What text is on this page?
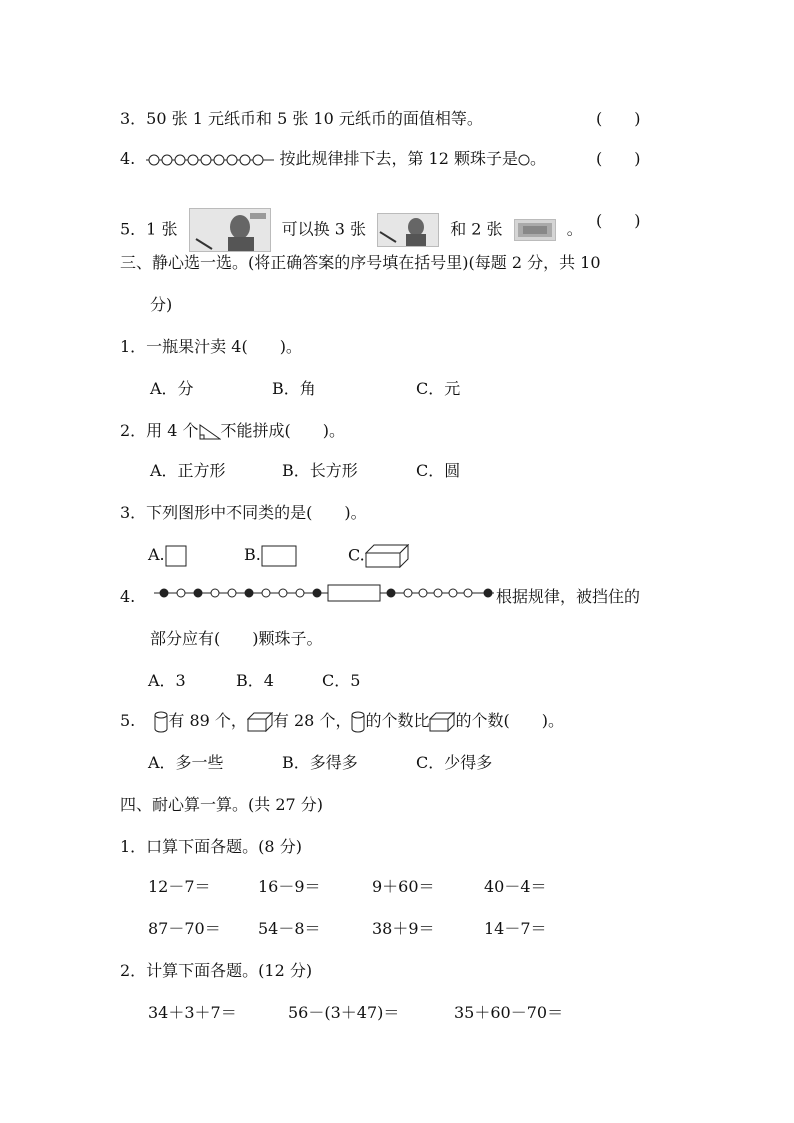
3．50 张 1 元纸币和 5 张 10 元纸币的面值相等。	(　　)
4.	按此规律排下去，第 12 颗珠子是 。	(　　)
5．1 张	可以换 3 张	和 2 张	。 (　　)
三、静心选一选。(将正确答案的序号填在括号里)(每题 2 分，共 10
分)
1．一瓶果汁卖 4(　　)。
A．分	B．角	C．元
2．用 4 个 不能拼成(　　)。
A．正方形	B．长方形	C．圆
3．下列图形中不同类的是(　　)。
A.	B.	C.
4.	根据规律，被挡住的
部分应有(　　)颗珠子。
A．3	B．4	C．5
5. 有 89 个， 有 28 个， 的个数比 的个数(　　)。
A．多一些	B．多得多	C．少得多
四、耐心算一算。(共 27 分)
1．口算下面各题。(8 分)
12－7＝	16－9＝	9＋60＝	40－4＝
87－70＝ 54－8＝	38＋9＝	14－7＝
2．计算下面各题。(12 分)
34＋3＋7＝	56－(3＋47)＝	35＋60－70＝
